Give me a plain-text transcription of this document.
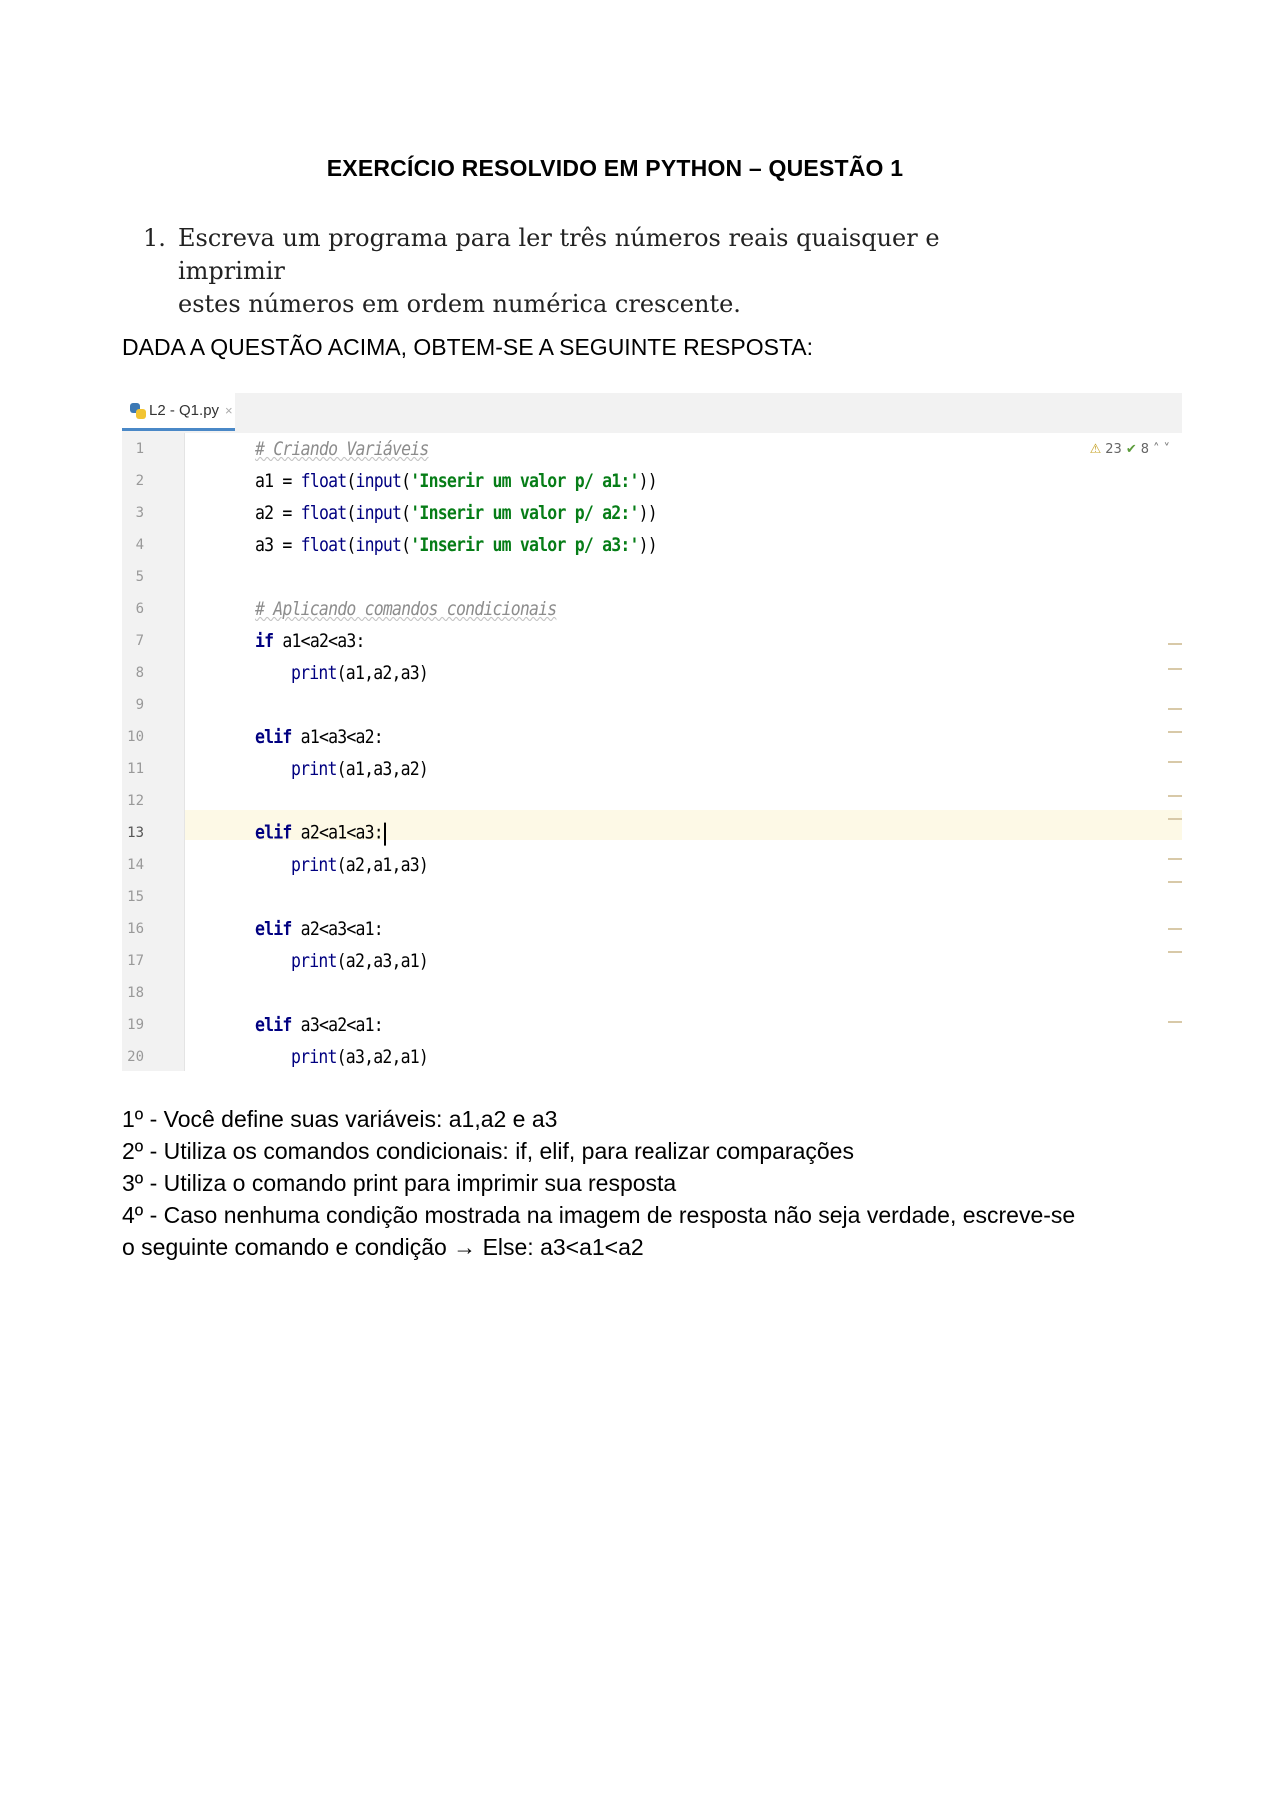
EXERCÍCIO RESOLVIDO EM PYTHON – QUESTÃO 1
1. Escreva um programa para ler três números reais quaisquer e imprimir
estes números em ordem numérica crescente.
DADA A QUESTÃO ACIMA, OBTEM-SE A SEGUINTE RESPOSTA:
L2 - Q1.py ×
1
2
3
4
5
6
7
8
9
10
11
12
13
14
15
16
17
18
19
20
# Criando Variáveis
a1 = float(input('Inserir um valor p/ a1:'))
a2 = float(input('Inserir um valor p/ a2:'))
a3 = float(input('Inserir um valor p/ a3:'))
# Aplicando comandos condicionais
if a1<a2<a3:
print(a1,a2,a3)
elif a1<a3<a2:
print(a1,a3,a2)
elif a2<a1<a3:
print(a2,a1,a3)
elif a2<a3<a1:
print(a2,a3,a1)
elif a3<a2<a1:
print(a3,a2,a1)
⚠ 23 ✔ 8 ˄ ˅
1º - Você define suas variáveis: a1,a2 e a3
2º - Utiliza os comandos condicionais: if, elif, para realizar comparações
3º - Utiliza o comando print para imprimir sua resposta
4º - Caso nenhuma condição mostrada na imagem de resposta não seja verdade, escreve-se
o seguinte comando e condição → Else: a3<a1<a2
